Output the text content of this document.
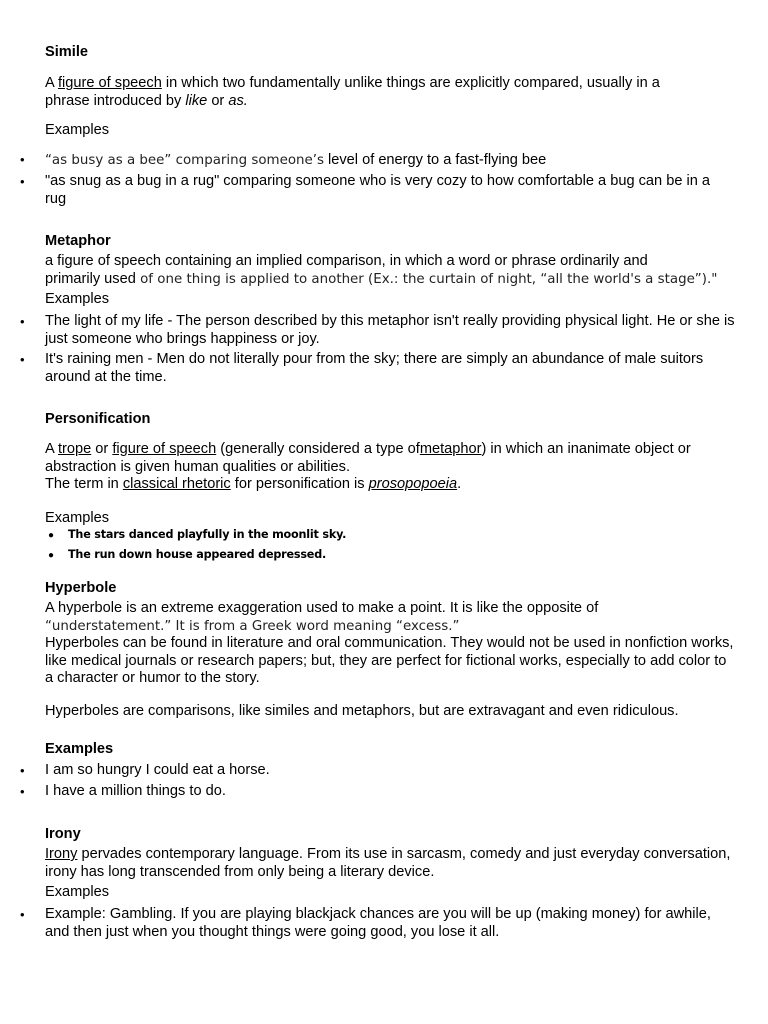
Simile
A figure of speech in which two fundamentally unlike things are explicitly compared, usually in a
phrase introduced by like or as.
Examples
• “as busy as a bee” comparing someone’s level of energy to a fast-flying bee
• "as snug as a bug in a rug" comparing someone who is very cozy to how comfortable a bug can be in a rug
Metaphor
a figure of speech containing an implied comparison, in which a word or phrase ordinarily and
primarily used of one thing is applied to another (Ex.: the curtain of night, “all the world's a stage”)."
Examples
• The light of my life - The person described by this metaphor isn't really providing physical light. He or she is just someone who brings happiness or joy.
• It's raining men - Men do not literally pour from the sky; there are simply an abundance of male suitors around at the time.
Personification
A trope or figure of speech (generally considered a type ofmetaphor) in which an inanimate object or
abstraction is given human qualities or abilities.
The term in classical rhetoric for personification is prosopopoeia.
Examples
● The stars danced playfully in the moonlit sky.
● The run down house appeared depressed.
Hyperbole
A hyperbole is an extreme exaggeration used to make a point. It is like the opposite of
“understatement.” It is from a Greek word meaning “excess.”
Hyperboles can be found in literature and oral communication. They would not be used in nonfiction works, like medical journals or research papers; but, they are perfect for fictional works, especially to add color to a character or humor to the story.
Hyperboles are comparisons, like similes and metaphors, but are extravagant and even ridiculous.
Examples
• I am so hungry I could eat a horse.
• I have a million things to do.
Irony
Irony pervades contemporary language. From its use in sarcasm, comedy and just everyday conversation, irony has long transcended from only being a literary device.
Examples
• Example: Gambling. If you are playing blackjack chances are you will be up (making money) for awhile, and then just when you thought things were going good, you lose it all.
